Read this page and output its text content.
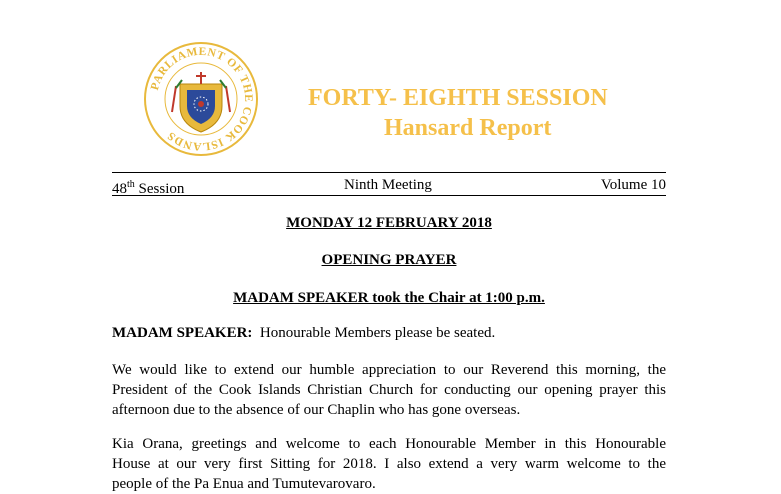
PARLIAMENT OF THE COOK ISLANDS
FORTY- EIGHTH SESSION
Hansard Report
48th Session	Ninth Meeting	Volume 10
MONDAY 12 FEBRUARY 2018
OPENING PRAYER
MADAM SPEAKER took the Chair at 1:00 p.m.
MADAM SPEAKER: Honourable Members please be seated.
We would like to extend our humble appreciation to our Reverend this morning, the
President of the Cook Islands Christian Church for conducting our opening prayer this
afternoon due to the absence of our Chaplin who has gone overseas.
Kia Orana, greetings and welcome to each Honourable Member in this Honourable
House at our very first Sitting for 2018. I also extend a very warm welcome to the
people of the Pa Enua and Tumutevarovaro.
